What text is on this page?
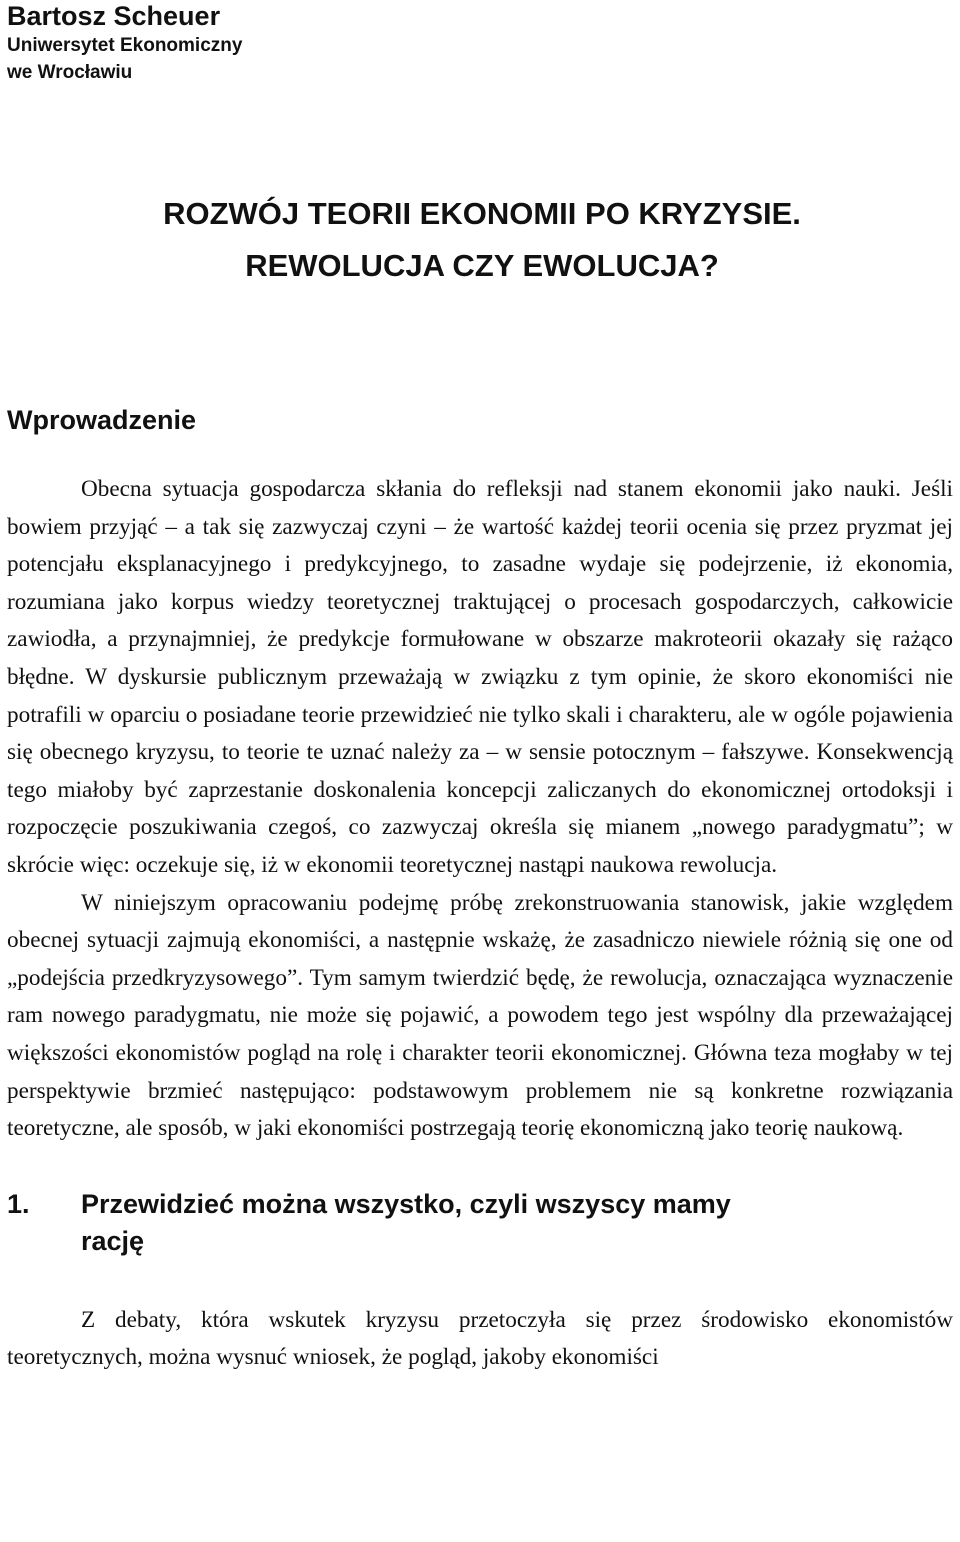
Bartosz Scheuer
Uniwersytet Ekonomiczny
we Wrocławiu
ROZWÓJ TEORII EKONOMII PO KRYZYSIE.
REWOLUCJA CZY EWOLUCJA?
Wprowadzenie

Obecna sytuacja gospodarcza skłania do refleksji nad stanem ekonomii jako nauki. Jeśli bowiem przyjąć – a tak się zazwyczaj czyni – że wartość każdej teorii ocenia się przez pryzmat jej potencjału eksplanacyjnego i predykcyjnego, to zasadne wydaje się podejrzenie, iż ekonomia, rozumiana jako korpus wiedzy teoretycznej traktującej o procesach gospodarczych, całkowicie zawiodła, a przynajmniej, że predykcje formułowane w obszarze makroteorii okazały się rażąco błędne. W dyskursie publicznym przeważają w związku z tym opinie, że skoro ekonomiści nie potrafili w oparciu o posiadane teorie przewidzieć nie tylko skali i charakteru, ale w ogóle pojawienia się obecnego kryzysu, to teorie te uznać należy za – w sensie potocznym – fałszywe. Konsekwencją tego miałoby być zaprzestanie doskonalenia koncepcji zaliczanych do ekonomicznej ortodoksji i rozpoczęcie poszukiwania czegoś, co zazwyczaj określa się mianem „nowego paradygmatu”; w skrócie więc: oczekuje się, iż w ekonomii teoretycznej nastąpi naukowa rewolucja.

W niniejszym opracowaniu podejmę próbę zrekonstruowania stanowisk, jakie względem obecnej sytuacji zajmują ekonomiści, a następnie wskażę, że zasadniczo niewiele różnią się one od „podejścia przedkryzysowego”. Tym samym twierdzić będę, że rewolucja, oznaczająca wyznaczenie ram nowego paradygmatu, nie może się pojawić, a powodem tego jest wspólny dla przeważającej większości ekonomistów pogląd na rolę i charakter teorii ekonomicznej. Główna teza mogłaby w tej perspektywie brzmieć następująco: podstawowym problemem nie są konkretne rozwiązania teoretyczne, ale sposób, w jaki ekonomiści postrzegają teorię ekonomiczną jako teorię naukową.

1.	Przewidzieć można wszystko, czyli wszyscy mamy rację

Z debaty, która wskutek kryzysu przetoczyła się przez środowisko ekonomistów teoretycznych, można wysnuć wniosek, że pogląd, jakoby ekonomiści
